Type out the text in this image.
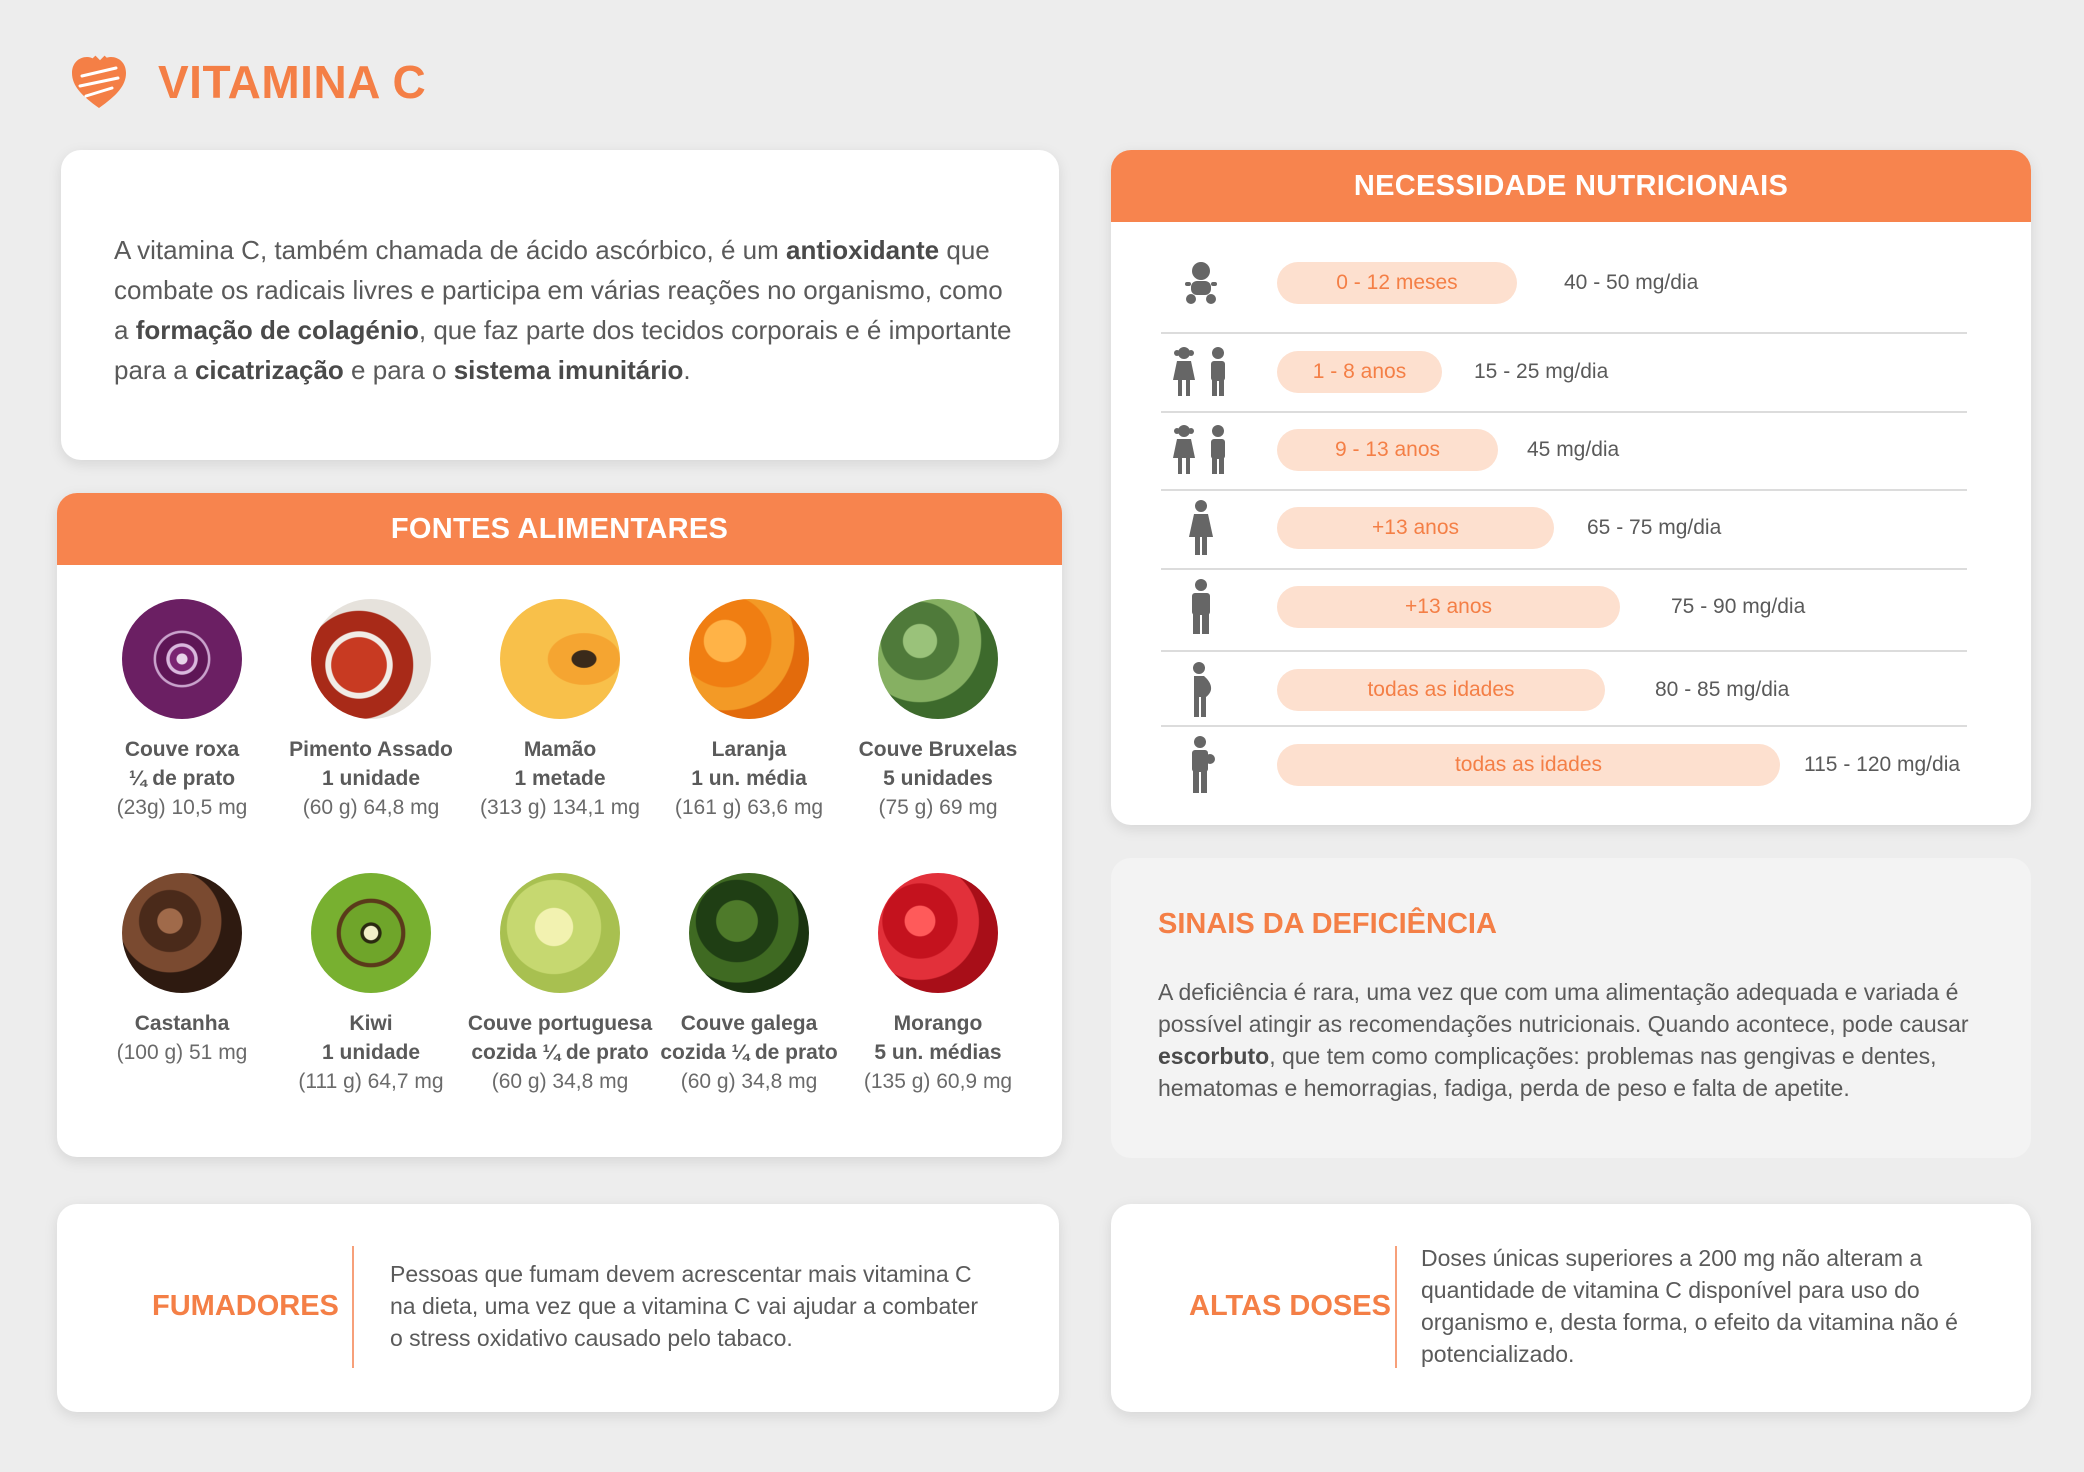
VITAMINA C

A vitamina C, também chamada de ácido ascórbico, é um antioxidante que combate os radicais livres e participa em várias reações no organismo, como a formação de colagénio, que faz parte dos tecidos corporais e é importante para a cicatrização e para o sistema imunitário.

FONTES ALIMENTARES
Couve roxa
¼ de prato
(23g) 10,5 mg
Pimento Assado
1 unidade
(60 g) 64,8 mg
Mamão
1 metade
(313 g) 134,1 mg
Laranja
1 un. média
(161 g) 63,6 mg
Couve Bruxelas
5 unidades
(75 g) 69 mg
Castanha
(100 g) 51 mg
Kiwi
1 unidade
(111 g) 64,7 mg
Couve portuguesa
cozida ¼ de prato
(60 g) 34,8 mg
Couve galega
cozida ¼ de prato
(60 g) 34,8 mg
Morango
5 un. médias
(135 g) 60,9 mg
NECESSIDADE NUTRICIONAIS
0 - 12 meses	40 - 50 mg/dia
1 - 8 anos	15 - 25 mg/dia
9 - 13 anos	45 mg/dia
+13 anos	65 - 75 mg/dia
+13 anos	75 - 90 mg/dia
todas as idades	80 - 85 mg/dia
todas as idades	115 - 120 mg/dia
SINAIS DA DEFICIÊNCIA

A deficiência é rara, uma vez que com uma alimentação adequada e variada é possível atingir as recomendações nutricionais. Quando acontece, pode causar escorbuto, que tem como complicações: problemas nas gengivas e dentes, hematomas e hemorragias, fadiga, perda de peso e falta de apetite.

FUMADORES

Pessoas que fumam devem acrescentar mais vitamina C na dieta, uma vez que a vitamina C vai ajudar a combater o stress oxidativo causado pelo tabaco.

ALTAS DOSES

Doses únicas superiores a 200 mg não alteram a quantidade de vitamina C disponível para uso do organismo e, desta forma, o efeito da vitamina não é potencializado.
